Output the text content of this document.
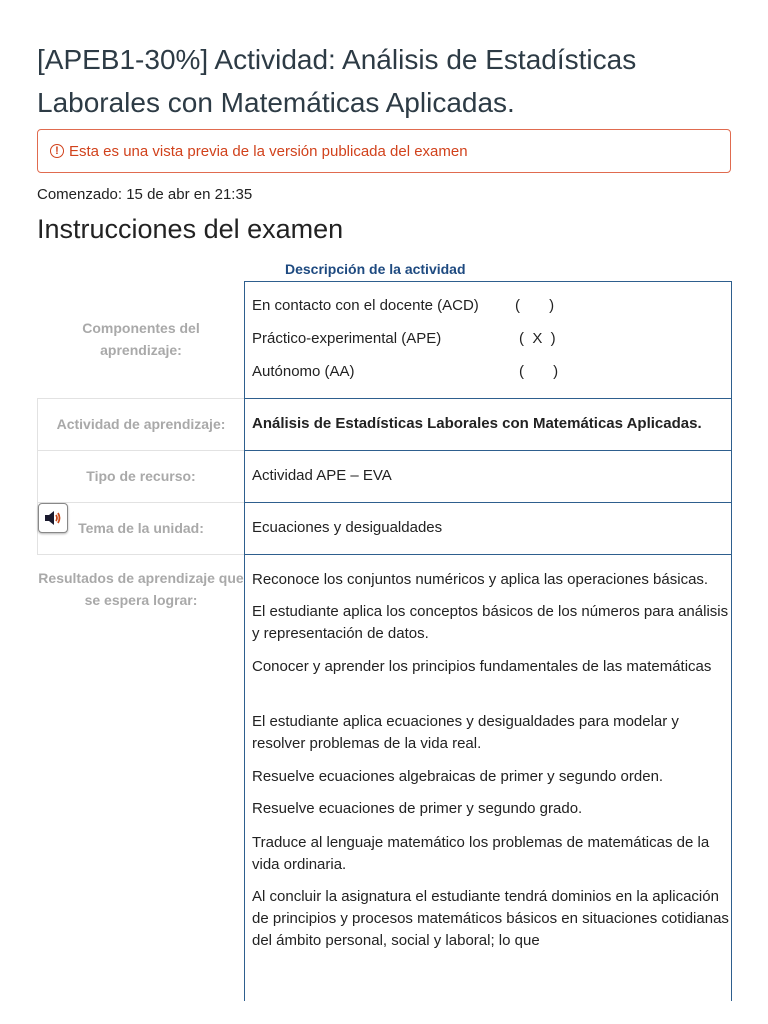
[APEB1-30%] Actividad: Análisis de Estadísticas Laborales con Matemáticas Aplicadas.
! Esta es una vista previa de la versión publicada del examen
Comenzado: 15 de abr en 21:35
Instrucciones del examen
Descripción de la actividad
Componentes del aprendizaje:
En contacto con el docente (ACD) (       )
Práctico-experimental (APE)	(  X  )
Autónomo (AA)	(       )
Actividad de aprendizaje:	Análisis de Estadísticas Laborales con Matemáticas Aplicadas.
Tipo de recurso:	Actividad APE – EVA
Tema de la unidad:	Ecuaciones y desigualdades
Resultados de aprendizaje que se espera lograr:
Reconoce los conjuntos numéricos y aplica las operaciones básicas.
El estudiante aplica los conceptos básicos de los números para análisis y representación de datos.
Conocer y aprender los principios fundamentales de las matemáticas
El estudiante aplica ecuaciones y desigualdades para modelar y resolver problemas de la vida real.
Resuelve ecuaciones algebraicas de primer y segundo orden.
Resuelve ecuaciones de primer y segundo grado.
Traduce al lenguaje matemático los problemas de matemáticas de la vida ordinaria.
Al concluir la asignatura el estudiante tendrá dominios en la aplicación de principios y procesos matemáticos básicos en situaciones cotidianas del ámbito personal, social y laboral; lo que
